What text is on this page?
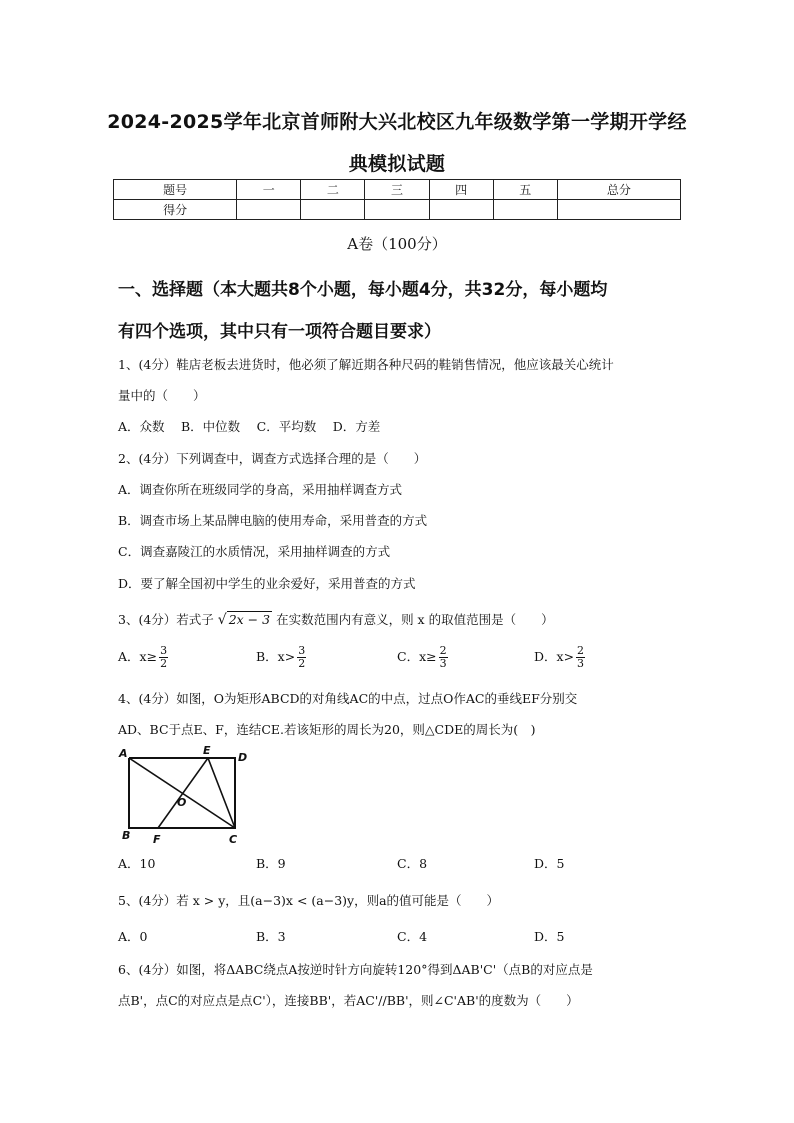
2024-2025学年北京首师附大兴北校区九年级数学第一学期开学经
典模拟试题
题号	一	二	三	四	五	总分
得分						
A卷（100分）
一、选择题（本大题共8个小题，每小题4分，共32分，每小题均
有四个选项，其中只有一项符合题目要求）
1、(4分）鞋店老板去进货时，他必须了解近期各种尺码的鞋销售情况，他应该最关心统计
量中的（　　）
A．众数　 B．中位数　 C．平均数　 D．方差
2、(4分）下列调查中，调查方式选择合理的是（　　）
A．调查你所在班级同学的身高，采用抽样调查方式
B．调查市场上某品牌电脑的使用寿命，采用普查的方式
C．调查嘉陵江的水质情况，采用抽样调查的方式
D．要了解全国初中学生的业余爱好，采用普查的方式
3、(4分）若式子 √ 2x − 3 在实数范围内有意义，则 x 的取值范围是（　　）
A．$x\ge \frac{3}{2}$	B．$x> \frac{3}{2}$	C．$x\ge \frac{2}{3}$	D．$x> \frac{2}{3}$
4、(4分）如图，O为矩形ABCD的对角线AC的中点，过点O作AC的垂线EF分别交
AD、BC于点E、F，连结CE.若该矩形的周长为20，则△CDE的周长为(　)
A
B	C
D
E
F
O
A．10	B．9	C．8	D．5
5、(4分）若 x > y，且(a−3)x < (a−3)y，则a的值可能是（　　）
A．0	B．3	C．4	D．5
6、(4分）如图，将ΔABC绕点A按逆时针方向旋转120°得到ΔAB'C'（点B的对应点是
点B'，点C的对应点是点C'），连接BB'，若AC'//BB'，则∠C'AB'的度数为（　　）
